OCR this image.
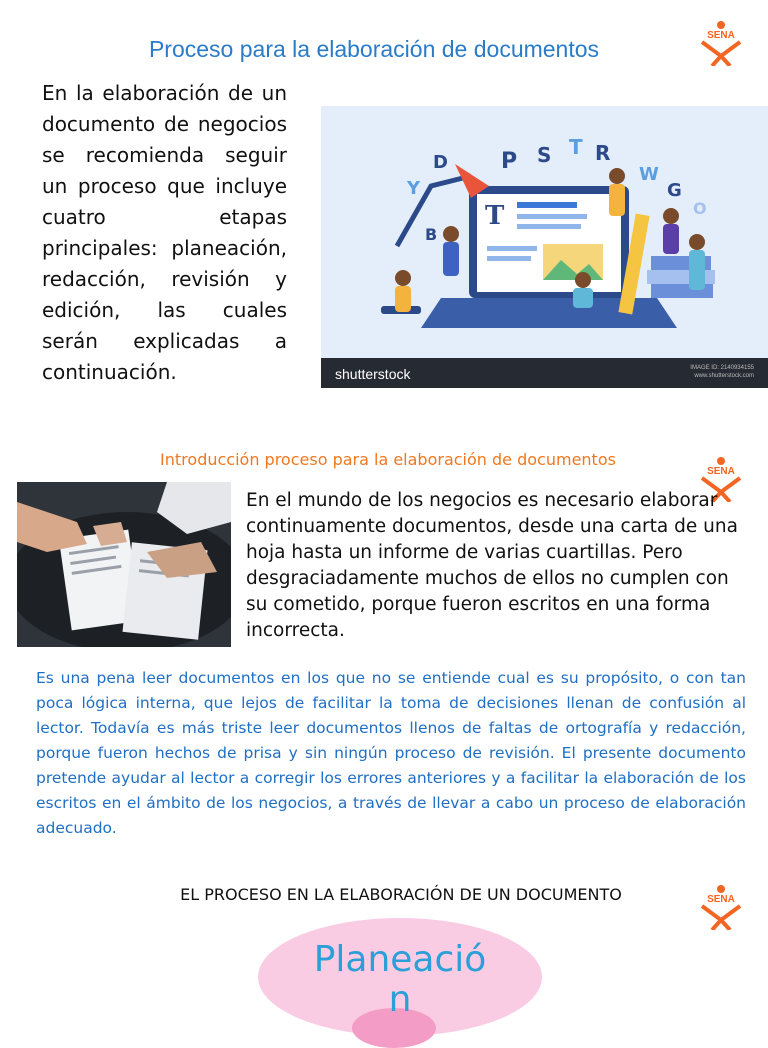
Proceso para la elaboración de documentos
SENA
En la elaboración de un documento de negocios se recomienda seguir un proceso que incluye cuatro etapas principales: planeación, redacción, revisión y edición, las cuales serán explicadas a continuación.
Y
D P S T R
W
G
O
B
T
shutterstock	IMAGE ID: 2140934155
www.shutterstock.com
Introducción proceso para la elaboración de documentos
SENA
En el mundo de los negocios es necesario elaborar continuamente documentos, desde una carta de una hoja hasta un informe de varias cuartillas. Pero desgraciadamente muchos de ellos no cumplen con su cometido, porque fueron escritos en una forma incorrecta.
Es una pena leer documentos en los que no se entiende cual es su propósito, o con tan poca lógica interna, que lejos de facilitar la toma de decisiones llenan de confusión al lector. Todavía es más triste leer documentos llenos de faltas de ortografía y redacción, porque fueron hechos de prisa y sin ningún proceso de revisión. El presente documento pretende ayudar al lector a corregir los errores anteriores y a facilitar la elaboración de los escritos en el ámbito de los negocios, a través de llevar a cabo un proceso de elaboración adecuado.
EL PROCESO EN LA ELABORACIÓN DE UN DOCUMENTO	SENA
Planeación
